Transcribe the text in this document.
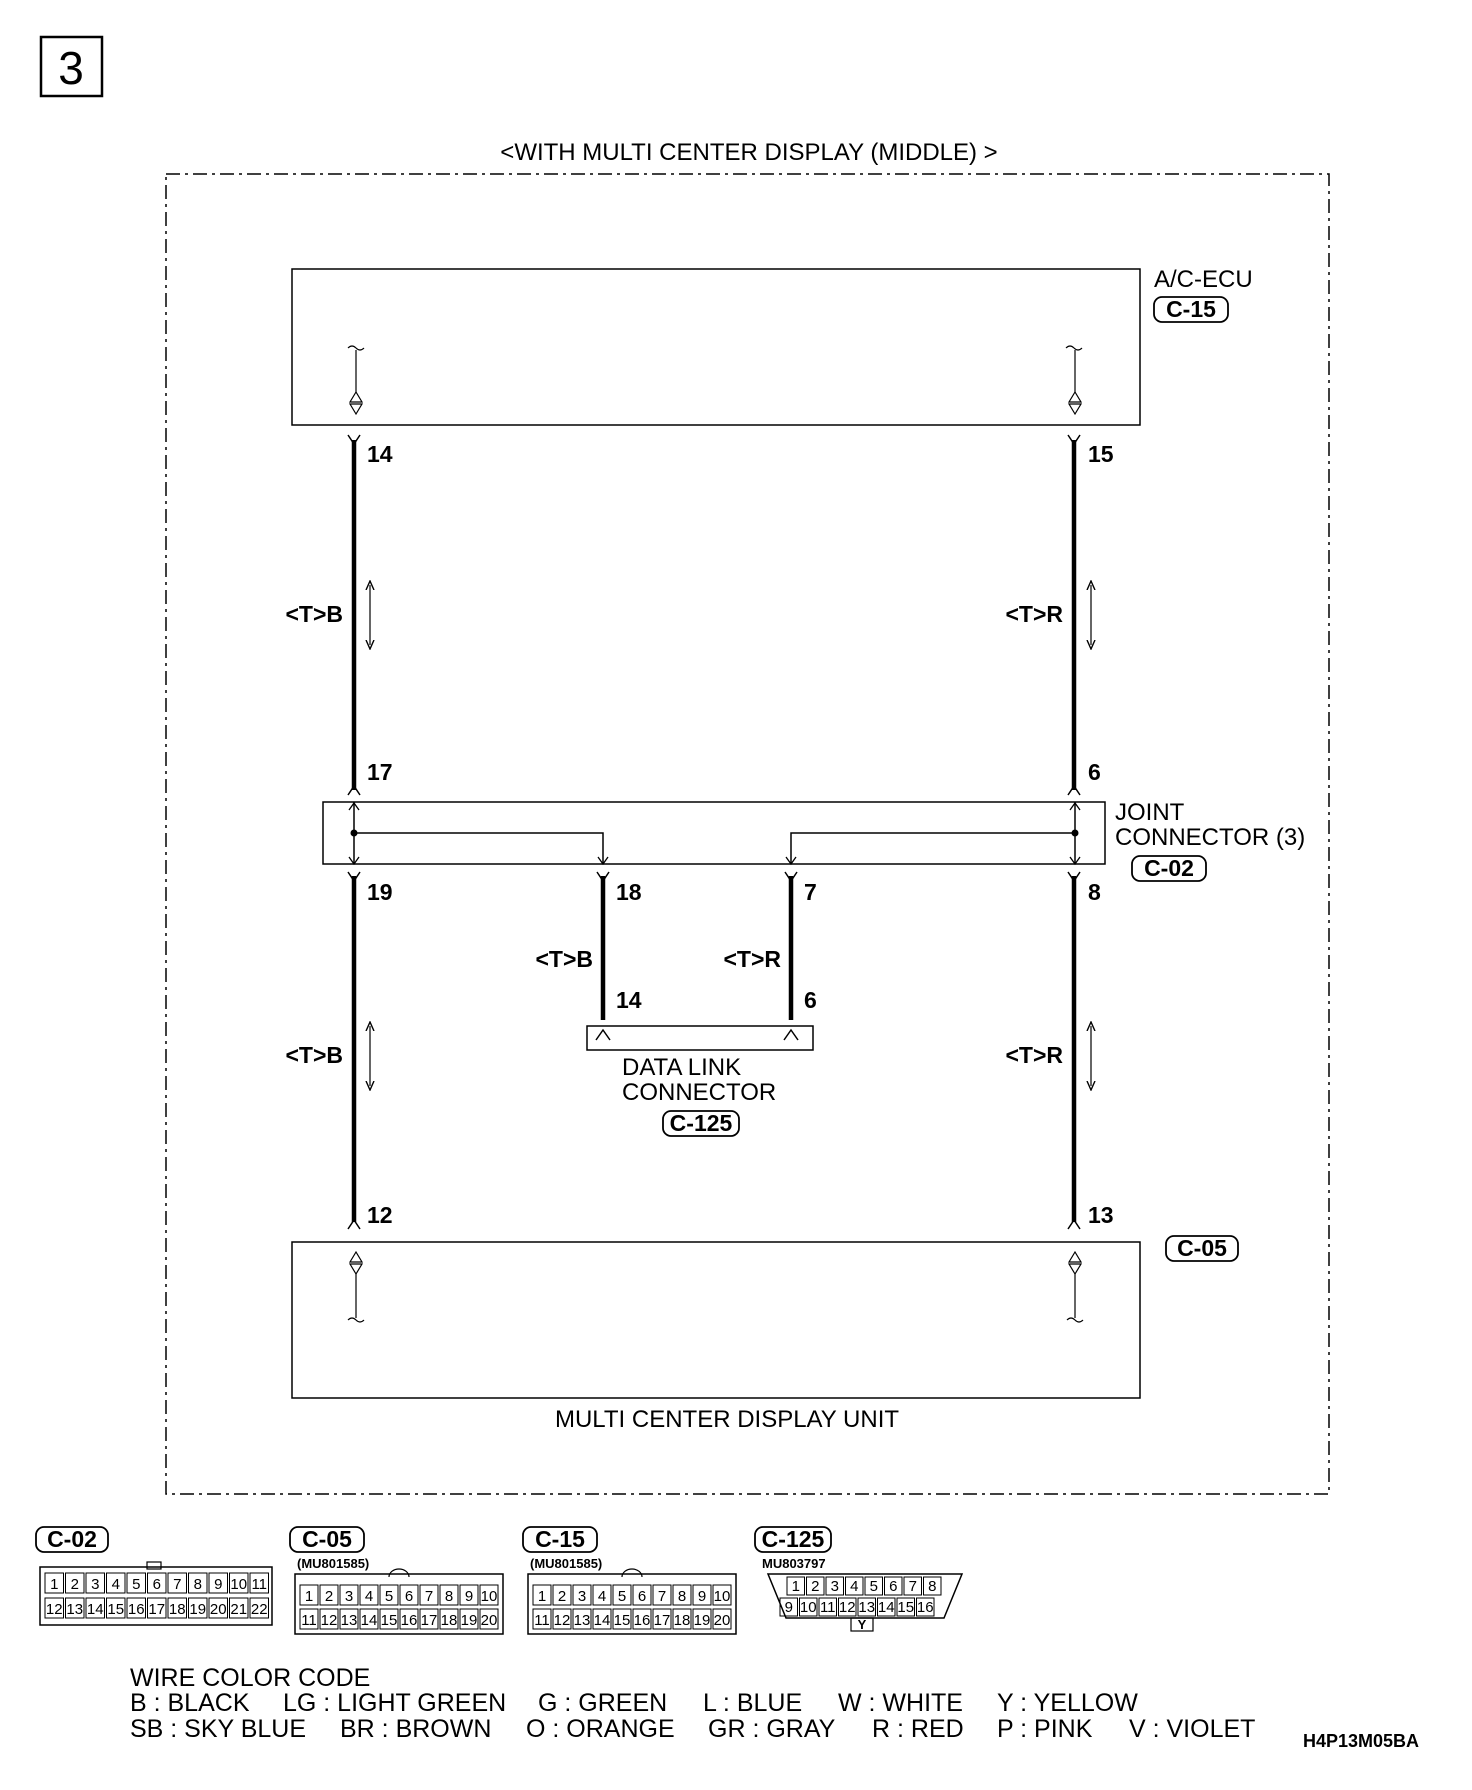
3
<WITH MULTI CENTER DISPLAY (MIDDLE) >
A/C-ECU
C-15
14	15
<T>B	<T>R
17	6
JOINT
CONNECTOR (3)
C-02
19	18	7	8
<T>B	<T>R
14	6
DATA LINK
CONNECTOR
C-125
<T>B	<T>R
12	13
C-05
MULTI CENTER DISPLAY UNIT
C-02
1 2 3 4 5 6 7 8 9 10 11
12 13 14 15 16 17 18 19 20 21 22
C-05
(MU801585)
1 2 3 4 5 6 7 8 9 10
11 12 13 14 15 16 17 18 19 20
C-15
(MU801585)
1 2 3 4 5 6 7 8 9 10
11 12 13 14 15 16 17 18 19 20
C-125
MU803797
Y
1 2 3 4 5 6 7 8
9 10 11 12 13 14 15 16
WIRE COLOR CODE
B : BLACK LG : LIGHT GREEN G : GREEN L : BLUE W : WHITE Y : YELLOW
SB : SKY BLUE BR : BROWN O : ORANGE GR : GRAY R : RED P : PINK V : VIOLET	H4P13M05BA
